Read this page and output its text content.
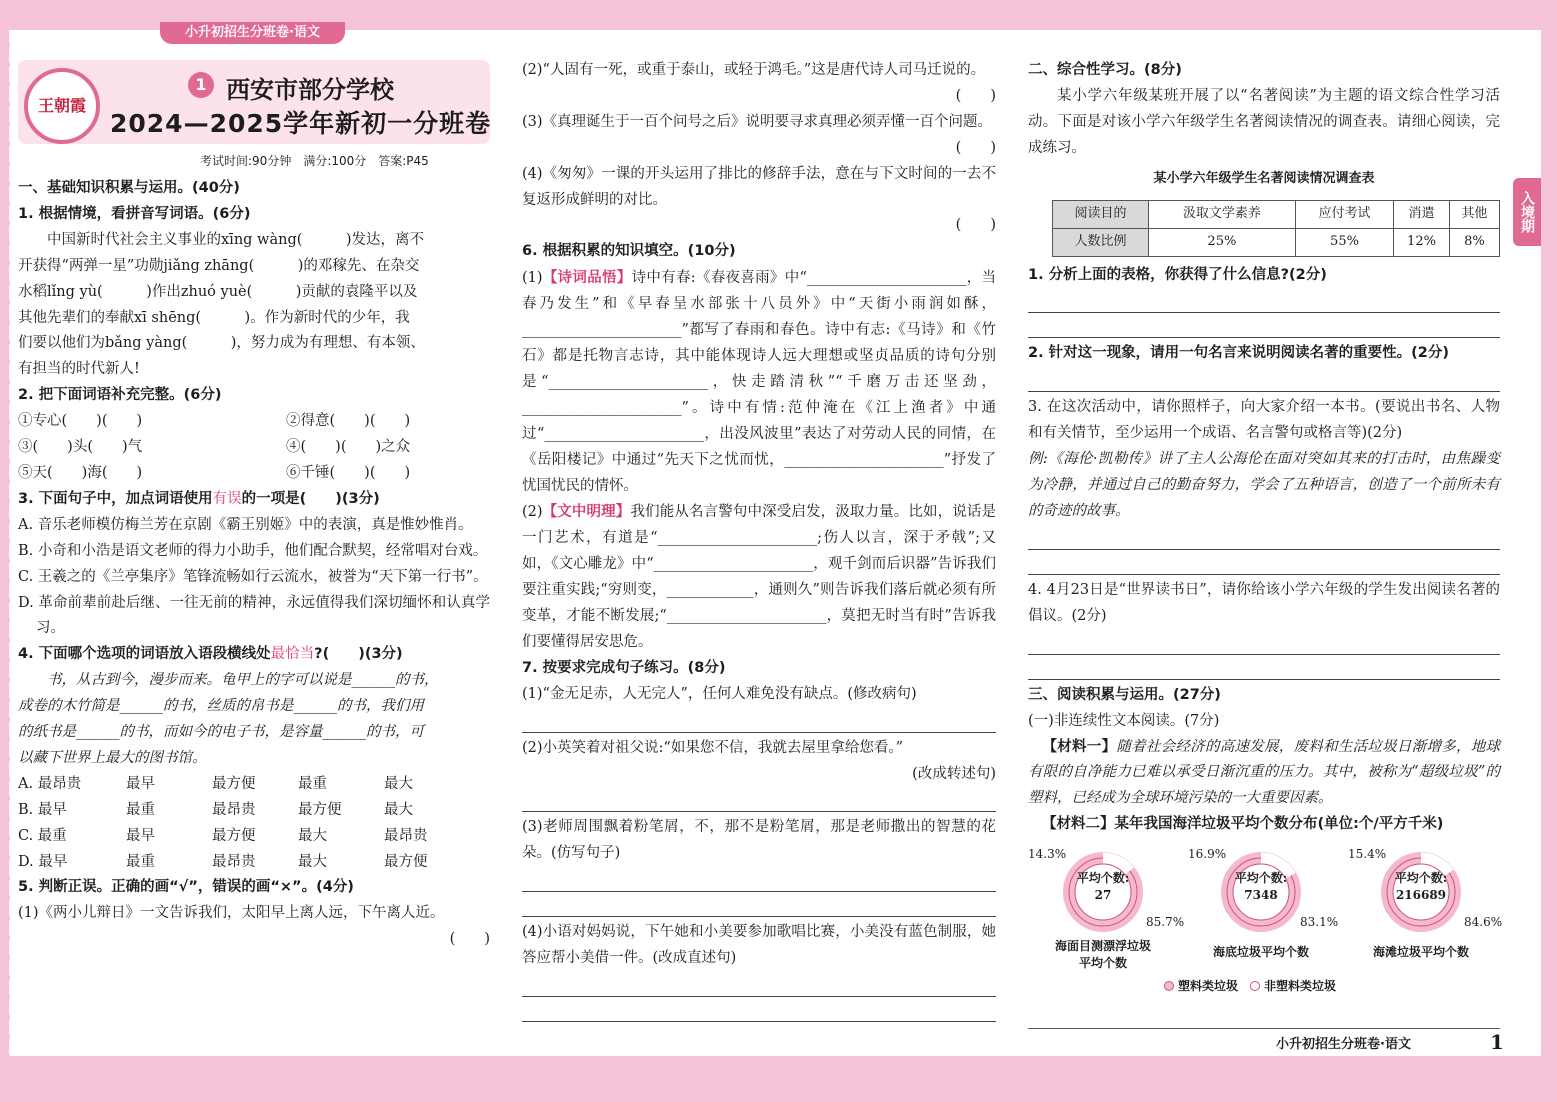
小升初招生分班卷·语文
入境期
王朝霞
1 西安市部分学校
2024—2025学年新初一分班卷
考试时间:90分钟　满分:100分　答案:P45

一、基础知识积累与运用。(40分)

1. 根据情境，看拼音写词语。(6分)

中国新时代社会主义事业的xīng wàng(　　　)发达，离不

开获得“两弹一星”功勋jiǎng zhāng(　　　)的邓稼先、在杂交

水稻lǐng yù(　　　)作出zhuó yuè(　　　)贡献的袁隆平以及

其他先辈们的奉献xī shēng(　　　)。作为新时代的少年，我

们要以他们为bǎng yàng(　　　)，努力成为有理想、有本领、

有担当的时代新人!

2. 把下面词语补充完整。(6分)

①专心(　　)(　　)	②得意(　　)(　　)

③(　　)头(　　)气	④(　　)(　　)之众

⑤天(　　)海(　　)	⑥千锤(　　)(　　)

3. 下面句子中，加点词语使用有误的一项是(　　)(3分)

A. 音乐老师模仿梅兰芳在京剧《霸王别姬》中的表演，真是惟妙惟肖。

B. 小奇和小浩是语文老师的得力小助手，他们配合默契，经常唱对台戏。

C. 王羲之的《兰亭集序》笔锋流畅如行云流水，被誉为“天下第一行书”。

D. 革命前辈前赴后继、一往无前的精神，永远值得我们深切缅怀和认真学习。

4. 下面哪个选项的词语放入语段横线处最恰当?(　　)(3分)

书，从古到今，漫步而来。龟甲上的字可以说是______的书，

成卷的木竹简是______的书，丝质的帛书是______的书，我们用

的纸书是______的书，而如今的电子书，是容量______的书，可

以藏下世界上最大的图书馆。

A. 最昂贵	最早	最方便	最重	最大

B. 最早	最重	最昂贵	最方便	最大

C. 最重	最早	最方便	最大	最昂贵

D. 最早	最重	最昂贵	最大	最方便

5. 判断正误。正确的画“√”，错误的画“×”。(4分)

(1)《两小儿辩日》一文告诉我们，太阳早上离人远，下午离人近。

(　　)

(2)“人固有一死，或重于泰山，或轻于鸿毛。”这是唐代诗人司马迁说的。

(　　)

(3)《真理诞生于一百个问号之后》说明要寻求真理必须弄懂一百个问题。

(　　)

(4)《匆匆》一课的开头运用了排比的修辞手法，意在与下文时间的一去不复返形成鲜明的对比。

(　　)

6. 根据积累的知识填空。(10分)

(1)【诗词品悟】诗中有春:《春夜喜雨》中“______________________，当春乃发生”和《早春呈水部张十八员外》中“天街小雨润如酥，______________________”都写了春雨和春色。诗中有志:《马诗》和《竹石》都是托物言志诗，其中能体现诗人远大理想或坚贞品质的诗句分别是“______________________，快走踏清秋”“千磨万击还坚劲，______________________”。诗中有情:范仲淹在《江上渔者》中通过“______________________，出没风波里”表达了对劳动人民的同情，在《岳阳楼记》中通过“先天下之忧而忧，______________________”抒发了忧国忧民的情怀。

(2)【文中明理】我们能从名言警句中深受启发，汲取力量。比如，说话是一门艺术，有道是“______________________;伤人以言，深于矛戟”;又如，《文心雕龙》中“______________________，观千剑而后识器”告诉我们要注重实践;“穷则变，____________，通则久”则告诉我们落后就必须有所变革，才能不断发展;“______________________，莫把无时当有时”告诉我们要懂得居安思危。

7. 按要求完成句子练习。(8分)

(1)“金无足赤，人无完人”，任何人难免没有缺点。(修改病句)

(2)小英笑着对祖父说:“如果您不信，我就去屋里拿给您看。”

(改成转述句)

(3)老师周围飘着粉笔屑，不，那不是粉笔屑，那是老师撒出的智慧的花朵。(仿写句子)

(4)小语对妈妈说，下午她和小美要参加歌唱比赛，小美没有蓝色制服，她答应帮小美借一件。(改成直述句)

二、综合性学习。(8分)

某小学六年级某班开展了以“名著阅读”为主题的语文综合性学习活动。下面是对该小学六年级学生名著阅读情况的调查表。请细心阅读，完成练习。

某小学六年级学生名著阅读情况调查表

阅读目的	汲取文学素养	应付考试	消遣	其他
人数比例	25%	55%	12%	8%

1. 分析上面的表格，你获得了什么信息?(2分)

2. 针对这一现象，请用一句名言来说明阅读名著的重要性。(2分)

3. 在这次活动中，请你照样子，向大家介绍一本书。(要说出书名、人物和有关情节，至少运用一个成语、名言警句或格言等)(2分)

例:《海伦·凯勒传》讲了主人公海伦在面对突如其来的打击时，由焦躁变为冷静，并通过自己的勤奋努力，学会了五种语言，创造了一个前所未有的奇迹的故事。

4. 4月23日是“世界读书日”，请你给该小学六年级的学生发出阅读名著的倡议。(2分)

三、阅读积累与运用。(27分)

(一)非连续性文本阅读。(7分)

【材料一】随着社会经济的高速发展，废料和生活垃圾日渐增多，地球有限的自净能力已难以承受日渐沉重的压力。其中，被称为“超级垃圾”的塑料，已经成为全球环境污染的一大重要因素。

【材料二】某年我国海洋垃圾平均个数分布(单位:个/平方千米)

14.3%
85.7%
平均个数:
27
海面目测漂浮垃圾平均个数
16.9%
83.1%
平均个数:
7348
海底垃圾平均个数
15.4%
84.6%
平均个数:
216689
海滩垃圾平均个数

塑料类垃圾　 非塑料类垃圾

小升初招生分班卷·语文	1
